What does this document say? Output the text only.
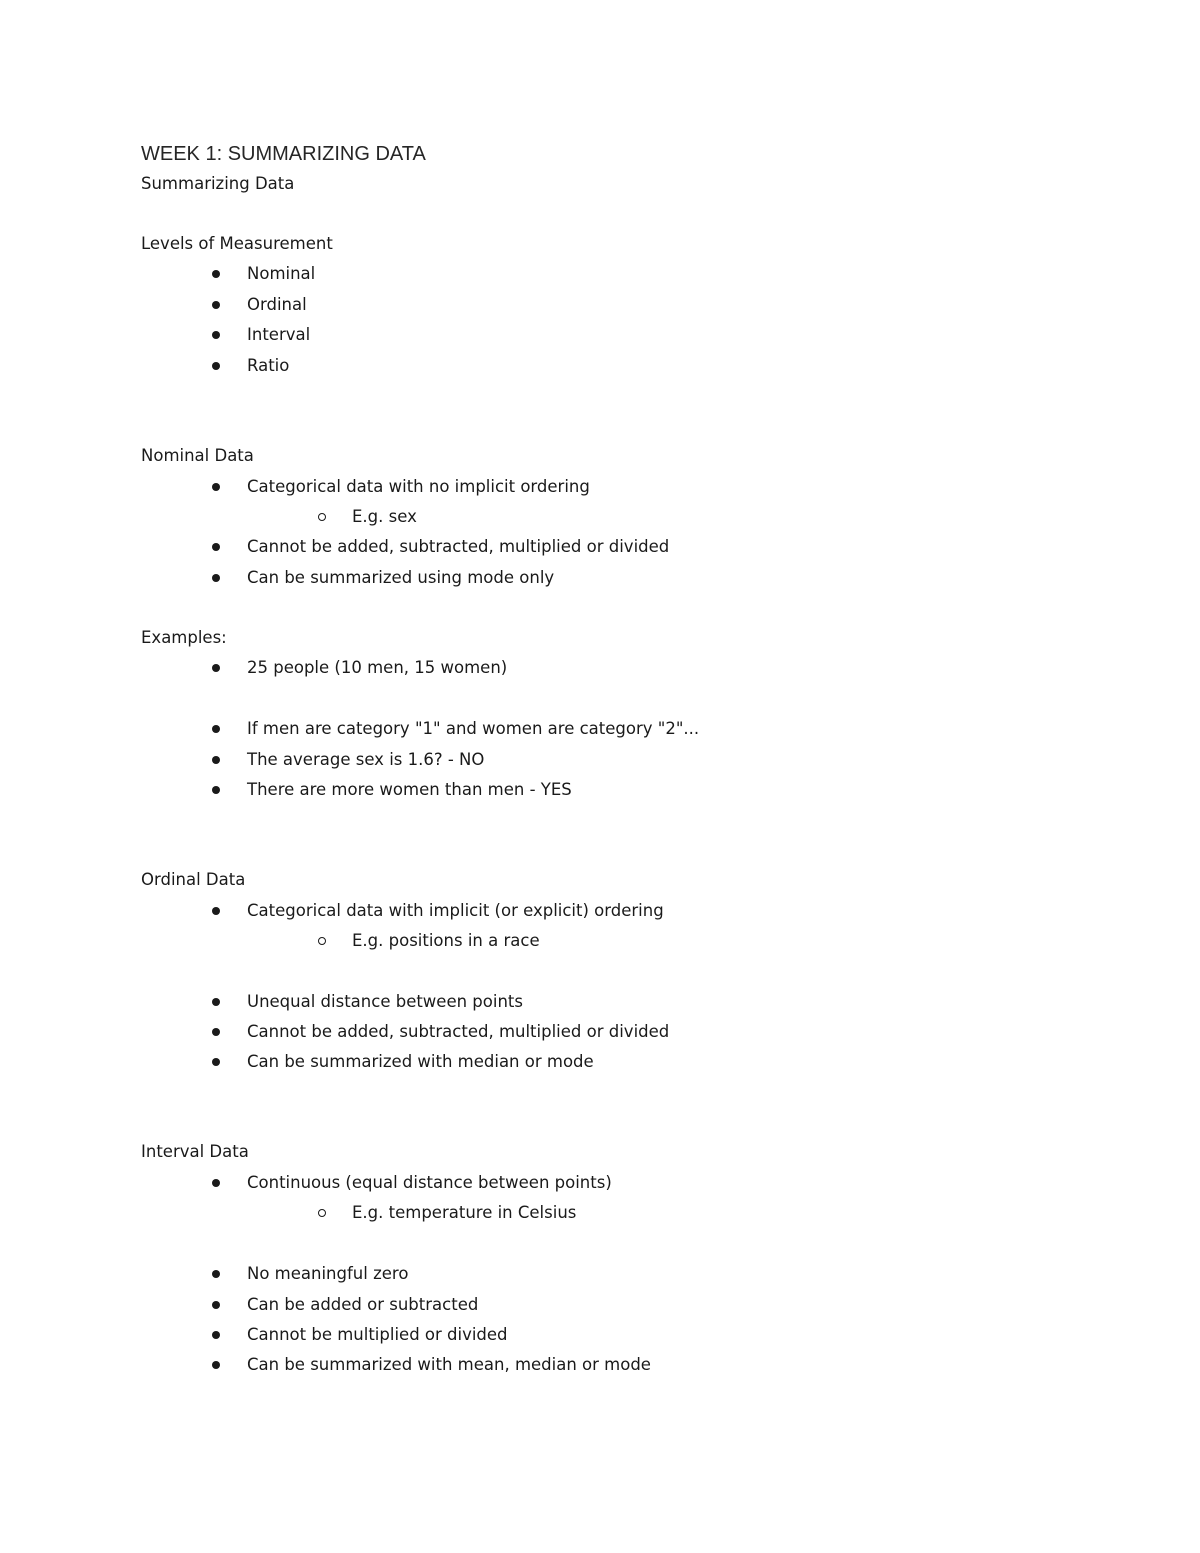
WEEK 1: SUMMARIZING DATA

Summarizing Data

Levels of Measurement

Nominal

Ordinal

Interval

Ratio

Nominal Data

Categorical data with no implicit ordering

E.g. sex

Cannot be added, subtracted, multiplied or divided

Can be summarized using mode only

Examples:

25 people (10 men, 15 women)

If men are category "1" and women are category "2"...

The average sex is 1.6? - NO

There are more women than men - YES

Ordinal Data

Categorical data with implicit (or explicit) ordering

E.g. positions in a race

Unequal distance between points

Cannot be added, subtracted, multiplied or divided

Can be summarized with median or mode

Interval Data

Continuous (equal distance between points)

E.g. temperature in Celsius

No meaningful zero

Can be added or subtracted

Cannot be multiplied or divided

Can be summarized with mean, median or mode
